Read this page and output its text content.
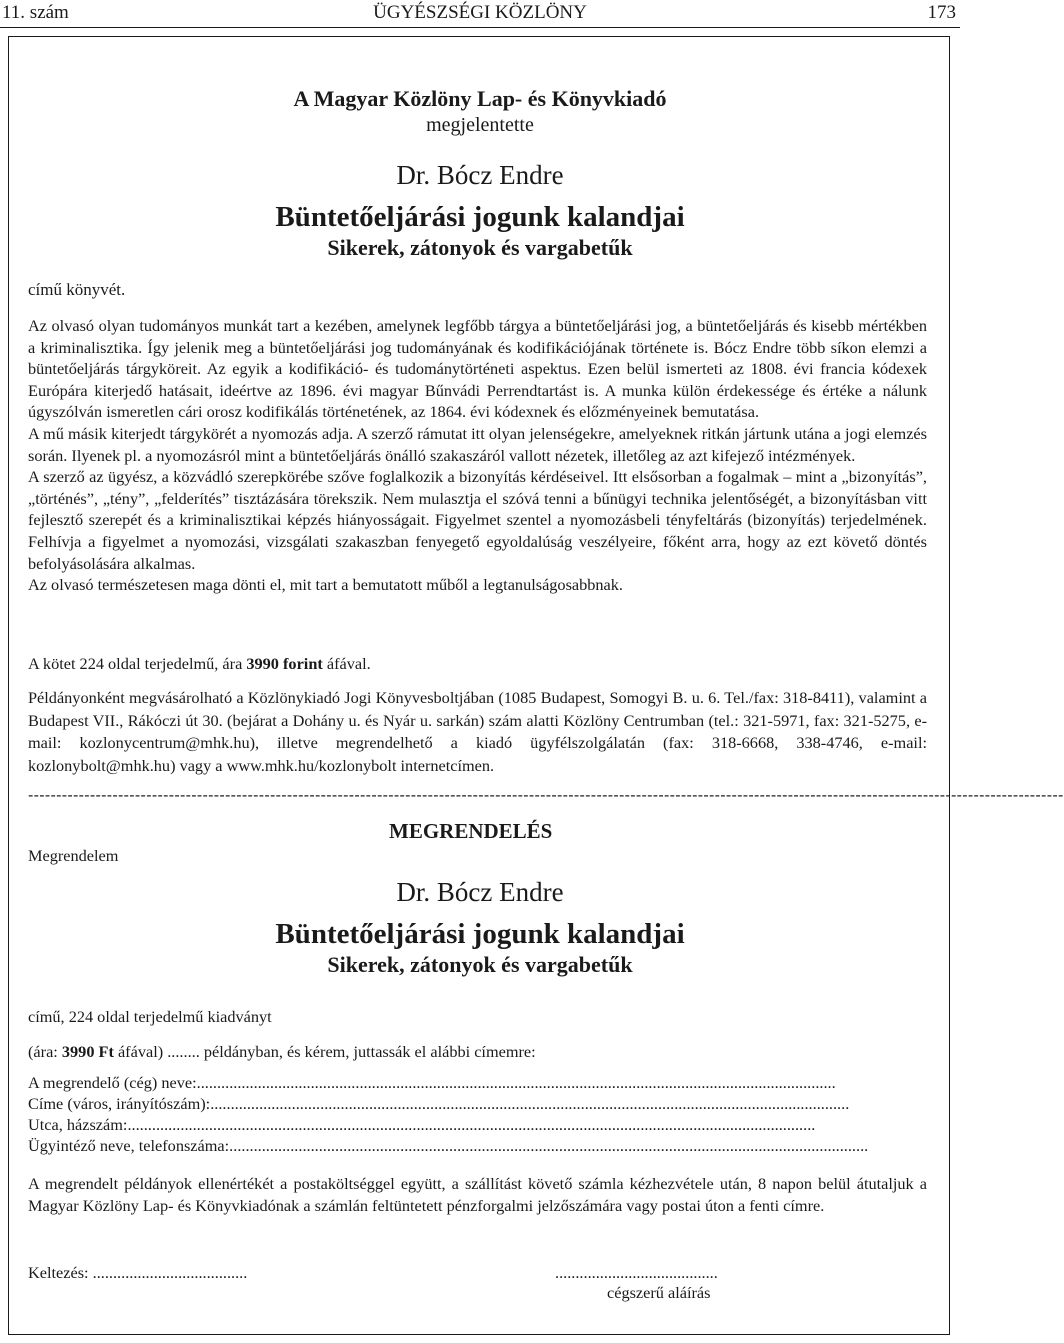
11. szám	ÜGYÉSZSÉGI KÖZLÖNY	173
A Magyar Közlöny Lap- és Könyvkiadó
megjelentette
Dr. Bócz Endre
Büntetőeljárási jogunk kalandjai
Sikerek, zátonyok és vargabetűk
című könyvét.

Az olvasó olyan tudományos munkát tart a kezében, amelynek legfőbb tárgya a büntetőeljárási jog, a büntetőeljárás és kisebb mértékben a kriminalisztika. Így jelenik meg a büntetőeljárási jog tudományának és kodifikációjának története is. Bócz Endre több síkon elemzi a büntetőeljárás tárgyköreit. Az egyik a kodifikáció- és tudománytörténeti aspektus. Ezen belül ismerteti az 1808. évi francia kódexek Európára kiterjedő hatásait, ideértve az 1896. évi magyar Bűnvádi Perrendtartást is. A munka külön érdekessége és értéke a nálunk úgyszólván ismeretlen cári orosz kodifikálás történetének, az 1864. évi kódexnek és előzményeinek bemutatása.

A mű másik kiterjedt tárgykörét a nyomozás adja. A szerző rámutat itt olyan jelenségekre, amelyeknek ritkán jártunk utána a jogi elemzés során. Ilyenek pl. a nyomozásról mint a büntetőeljárás önálló szakaszáról vallott nézetek, illetőleg az azt kifejező intézmények.

A szerző az ügyész, a közvádló szerepkörébe szőve foglalkozik a bizonyítás kérdéseivel. Itt elsősorban a fogalmak – mint a „bizonyítás”, „történés”, „tény”, „felderítés” tisztázására törekszik. Nem mulasztja el szóvá tenni a bűnügyi technika jelentőségét, a bizonyításban vitt fejlesztő szerepét és a kriminalisztikai képzés hiányosságait. Figyelmet szentel a nyomozásbeli tényfeltárás (bizonyítás) terjedelmének. Felhívja a figyelmet a nyomozási, vizsgálati szakaszban fenyegető egyoldalúság veszélyeire, főként arra, hogy az ezt követő döntés befolyásolására alkalmas.

Az olvasó természetesen maga dönti el, mit tart a bemutatott műből a legtanulságosabbnak.

A kötet 224 oldal terjedelmű, ára 3990 forint áfával.
Példányonként megvásárolható a Közlönykiadó Jogi Könyvesboltjában (1085 Budapest, Somogyi B. u. 6. Tel./fax: 318-8411), valamint a Budapest VII., Rákóczi út 30. (bejárat a Dohány u. és Nyár u. sarkán) szám alatti Közlöny Centrumban (tel.: 321-5971, fax: 321-5275, e-mail: kozlonycentrum@mhk.hu), illetve megrendelhető a kiadó ügyfélszolgálatán (fax: 318-6668, 338-4746, e-mail: kozlonybolt@mhk.hu) vagy a www.mhk.hu/kozlonybolt internetcímen.
----------------------------------------------------------------------------------------------------------------------------------------------------------------------------------------
MEGRENDELÉS
Megrendelem
Dr. Bócz Endre
Büntetőeljárási jogunk kalandjai
Sikerek, zátonyok és vargabetűk
című, 224 oldal terjedelmű kiadványt
(ára: 3990 Ft áfával) ........ példányban, és kérem, juttassák el alábbi címemre:
A megrendelő (cég) neve:.............................................................................................................................................................
Címe (város, irányítószám):.............................................................................................................................................................
Utca, házszám:.........................................................................................................................................................................
Ügyintéző neve, telefonszáma:.............................................................................................................................................................
A megrendelt példányok ellenértékét a postaköltséggel együtt, a szállítást követő számla kézhezvétele után, 8 napon belül átutaljuk a Magyar Közlöny Lap- és Könyvkiadónak a számlán feltüntetett pénzforgalmi jelzőszámára vagy postai úton a fenti címre.
Keltezés: ......................................	........................................
cégszerű aláírás
